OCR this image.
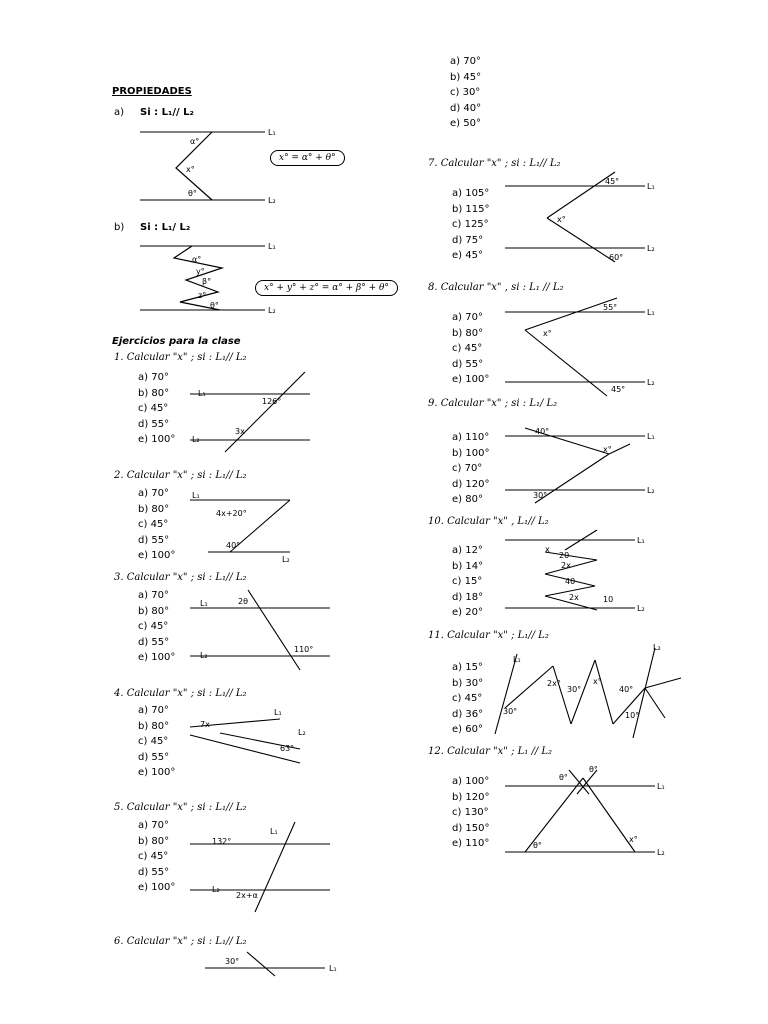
PROPIEDADES
a) Si : L₁// L₂
L₁
L₂
α°
x°
θ°
x° = α° + θ°
b) Si : L₁/ L₂
L₁
L₂
α°
y°
β°
z°
θ°
x° + y° + z° = α° + β° + θ°
Ejercicios para la clase
1. Calcular "x" ; si : L₁// L₂
a) 70°
b) 80°
c) 45°
d) 55°
e) 100°
L₁
126°
L₂
3x
2. Calcular "x" ; si : L₁// L₂
a) 70°
b) 80°
c) 45°
d) 55°
e) 100°
L₁
4x+20°
40°
L₂
3. Calcular "x" ; si : L₁// L₂
a) 70°
b) 80°
c) 45°
d) 55°
e) 100°
L₁	2θ
110°
L₂
4. Calcular "x" ; si : L₁// L₂
a) 70°
b) 80°
c) 45°
d) 55°
e) 100°
7x
L₁
L₂
63°
5. Calcular "x" ; si : L₁// L₂
a) 70°
b) 80°
c) 45°
d) 55°
e) 100°
132°
L₁
L₂
2x+α
6. Calcular "x" ; si : L₁// L₂
a) 70°
b) 45°
c) 30°
d) 40°
e) 50°
30°
L₁
7. Calcular "x" ; si : L₁// L₂
a) 105°
b) 115°
c) 125°
d) 75°
e) 45°
45°
L₁
x°
L₂
60°
8. Calcular "x" , si : L₁ // L₂
a) 70°
b) 80°
c) 45°
d) 55°
e) 100°
55°
L₁
x°
L₂
45°
9. Calcular "x" ; si : L₁/ L₂
a) 110°
b) 100°
c) 70°
d) 120°
e) 80°
40°
L₁
x°
30°
L₂
10. Calcular "x" , L₁// L₂
a) 12°
b) 14°
c) 15°
d) 18°
e) 20°
L₁
x
20
2x
40
2x	10
L₂
11. Calcular "x" ; L₁// L₂
a) 15°
b) 30°
c) 45°
d) 36°
e) 60°
L₁
L₂
2x°
30°
x°
40°
30°	10°
12. Calcular "x" ; L₁ // L₂
a) 100°
b) 120°
c) 130°
d) 150°
e) 110°
θ°
θ°
L₁
θ°
x°
L₂
